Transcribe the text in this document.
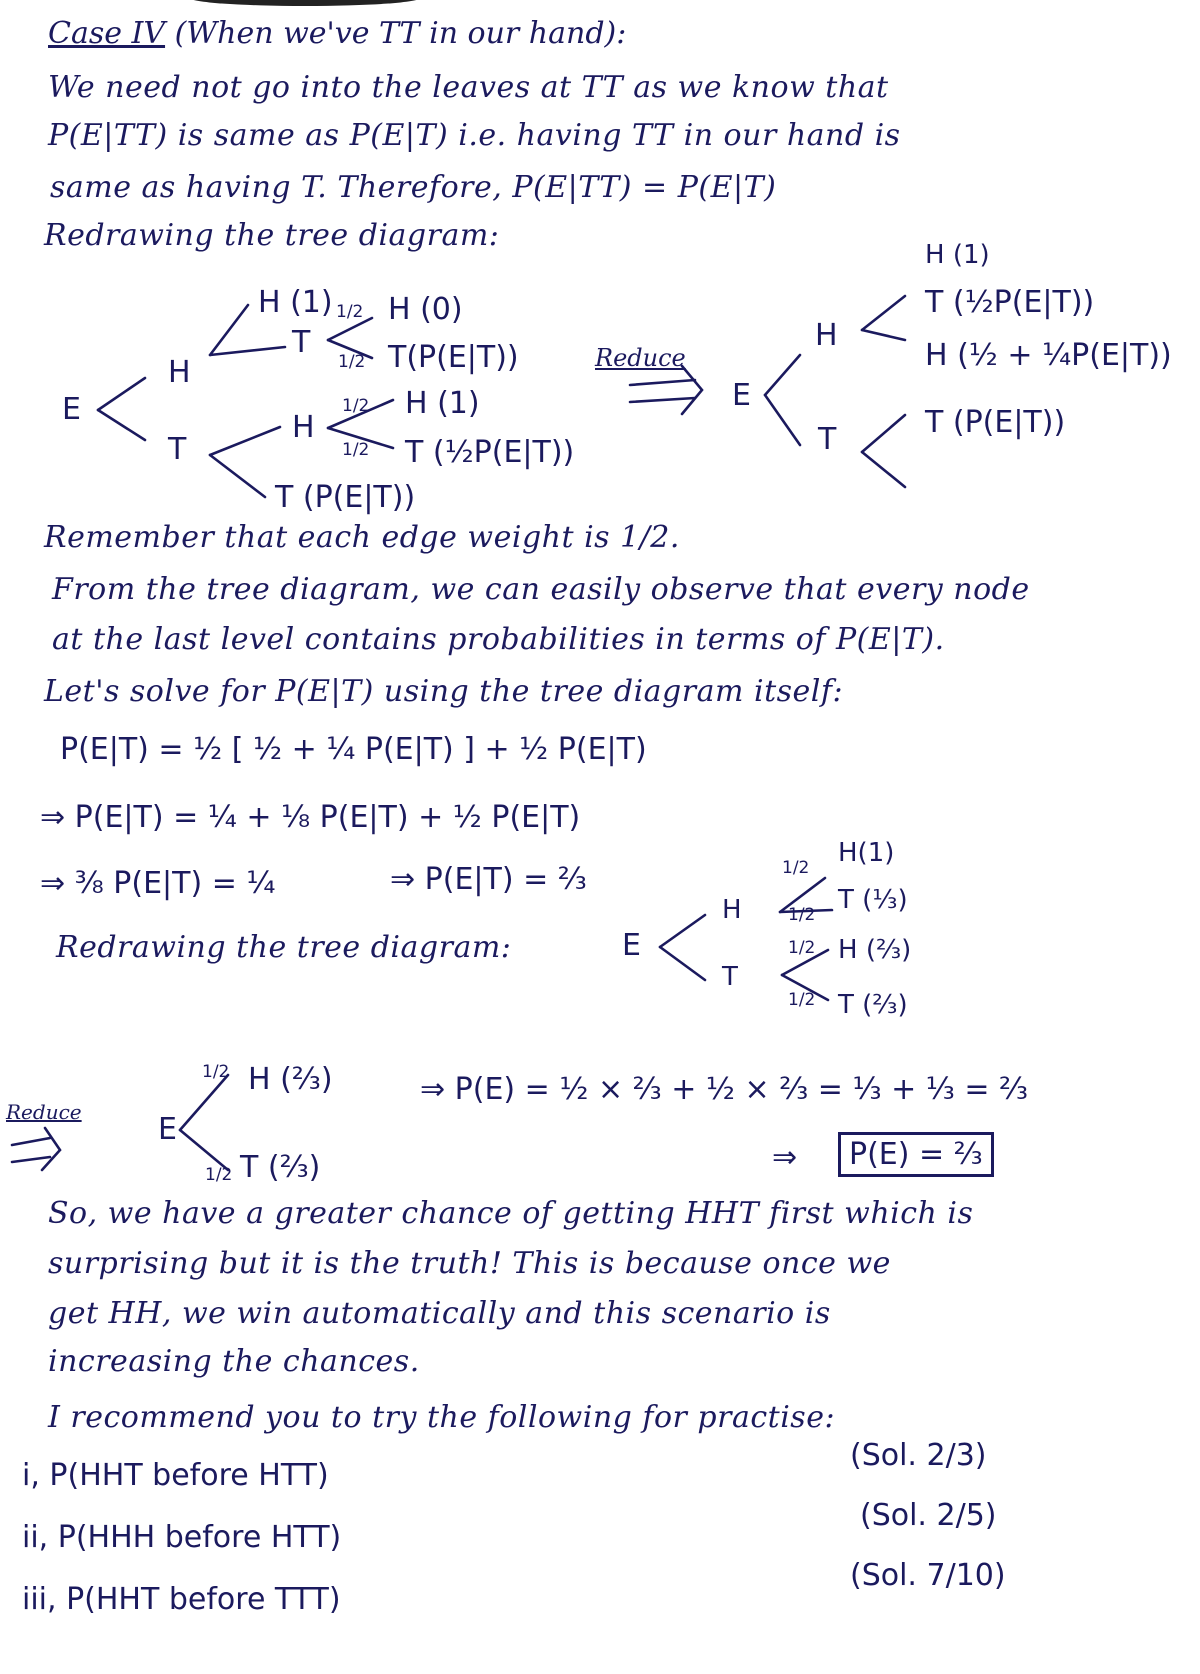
Case IV (When we've TT in our hand):
We need not go into the leaves at TT as we know that
P(E|TT) is same as P(E|T) i.e. having TT in our hand is
same as having T. Therefore, P(E|TT) = P(E|T)
Redrawing the tree diagram:
E
H
T
H (1)
T
H (0)
T(P(E|T))
H
T (P(E|T))
H (1)
T (½P(E|T))
1/2
1/2
1/2
1/2
Reduce
E
H
T
H (1)
T (½P(E|T))
H (½ + ¼P(E|T))
T (P(E|T))
Remember that each edge weight is 1/2.
From the tree diagram, we can easily observe that every node
at the last level contains probabilities in terms of P(E|T).
Let's solve for P(E|T) using the tree diagram itself:
P(E|T) = ½ [ ½ + ¼ P(E|T) ] + ½ P(E|T)
⇒ P(E|T) = ¼ + ⅛ P(E|T) + ½ P(E|T)
⇒ ⅜ P(E|T) = ¼	⇒ P(E|T) = ⅔
Redrawing the tree diagram:	E
H
T
H(1)
T (⅓)
H (⅔)
T (⅔)
1/2
1/2
1/2
1/2
Reduce	E
H (⅔)
T (⅔)
1/2
1/2
⇒ P(E) = ½ × ⅔ + ½ × ⅔ = ⅓ + ⅓ = ⅔
⇒	P(E) = ⅔
So, we have a greater chance of getting HHT first which is
surprising but it is the truth! This is because once we
get HH, we win automatically and this scenario is
increasing the chances.
I recommend you to try the following for practise:
i, P(HHT before HTT)
(Sol. 2/3)
ii, P(HHH before HTT)
(Sol. 2/5)
iii, P(HHT before TTT)
(Sol. 7/10)
